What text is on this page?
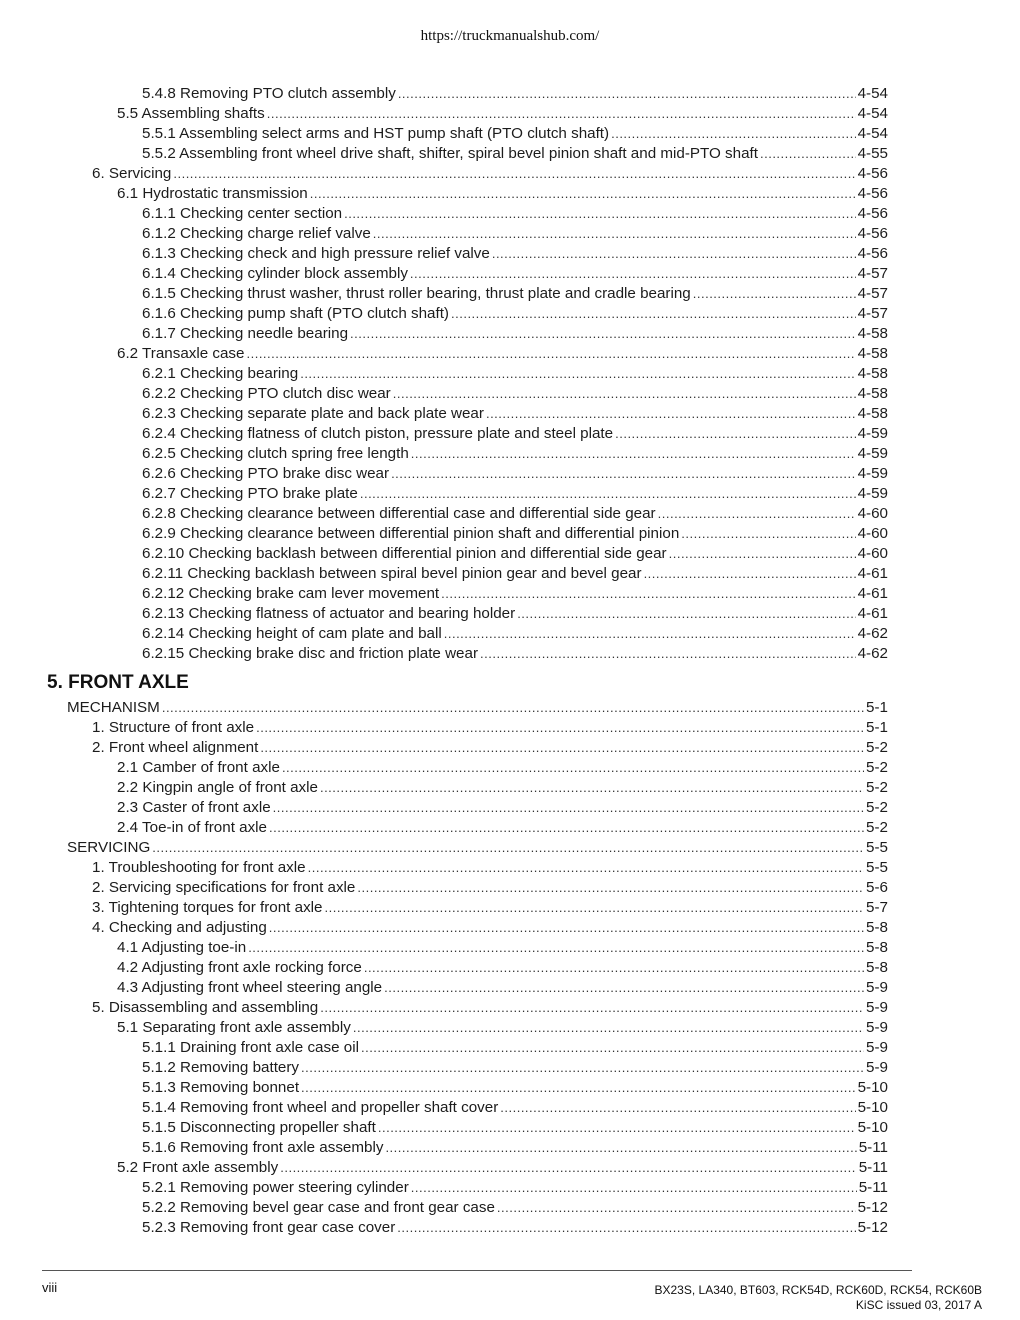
https://truckmanualshub.com/
5.4.8 Removing PTO clutch assembly .....	4-54
5.5 Assembling shafts .....	4-54
5.5.1 Assembling select arms and HST pump shaft (PTO clutch shaft) .....	4-54
5.5.2 Assembling front wheel drive shaft, shifter, spiral bevel pinion shaft and mid-PTO shaft .....	4-55
6. Servicing .....	4-56
6.1 Hydrostatic transmission .....	4-56
6.1.1 Checking center section .....	4-56
6.1.2 Checking charge relief valve .....	4-56
6.1.3 Checking check and high pressure relief valve .....	4-56
6.1.4 Checking cylinder block assembly .....	4-57
6.1.5 Checking thrust washer, thrust roller bearing, thrust plate and cradle bearing .....	4-57
6.1.6 Checking pump shaft (PTO clutch shaft) .....	4-57
6.1.7 Checking needle bearing .....	4-58
6.2 Transaxle case .....	4-58
6.2.1 Checking bearing .....	4-58
6.2.2 Checking PTO clutch disc wear .....	4-58
6.2.3 Checking separate plate and back plate wear .....	4-58
6.2.4 Checking flatness of clutch piston, pressure plate and steel plate .....	4-59
6.2.5 Checking clutch spring free length .....	4-59
6.2.6 Checking PTO brake disc wear .....	4-59
6.2.7 Checking PTO brake plate .....	4-59
6.2.8 Checking clearance between differential case and differential side gear .....	4-60
6.2.9 Checking clearance between differential pinion shaft and differential pinion .....	4-60
6.2.10 Checking backlash between differential pinion and differential side gear .....	4-60
6.2.11 Checking backlash between spiral bevel pinion gear and bevel gear .....	4-61
6.2.12 Checking brake cam lever movement .....	4-61
6.2.13 Checking flatness of actuator and bearing holder .....	4-61
6.2.14 Checking height of cam plate and ball .....	4-62
6.2.15 Checking brake disc and friction plate wear .....	4-62
5. FRONT AXLE
MECHANISM .....	5-1
1. Structure of front axle .....	5-1
2. Front wheel alignment .....	5-2
2.1 Camber of front axle .....	5-2
2.2 Kingpin angle of front axle .....	5-2
2.3 Caster of front axle .....	5-2
2.4 Toe-in of front axle .....	5-2
SERVICING .....	5-5
1. Troubleshooting for front axle .....	5-5
2. Servicing specifications for front axle .....	5-6
3. Tightening torques for front axle .....	5-7
4. Checking and adjusting .....	5-8
4.1 Adjusting toe-in .....	5-8
4.2 Adjusting front axle rocking force .....	5-8
4.3 Adjusting front wheel steering angle .....	5-9
5. Disassembling and assembling .....	5-9
5.1 Separating front axle assembly .....	5-9
5.1.1 Draining front axle case oil .....	5-9
5.1.2 Removing battery .....	5-9
5.1.3 Removing bonnet .....	5-10
5.1.4 Removing front wheel and propeller shaft cover .....	5-10
5.1.5 Disconnecting propeller shaft .....	5-10
5.1.6 Removing front axle assembly .....	5-11
5.2 Front axle assembly .....	5-11
5.2.1 Removing power steering cylinder .....	5-11
5.2.2 Removing bevel gear case and front gear case .....	5-12
5.2.3 Removing front gear case cover .....	5-12
viii	BX23S, LA340, BT603, RCK54D, RCK60D, RCK54, RCK60B
KiSC issued 03, 2017 A
